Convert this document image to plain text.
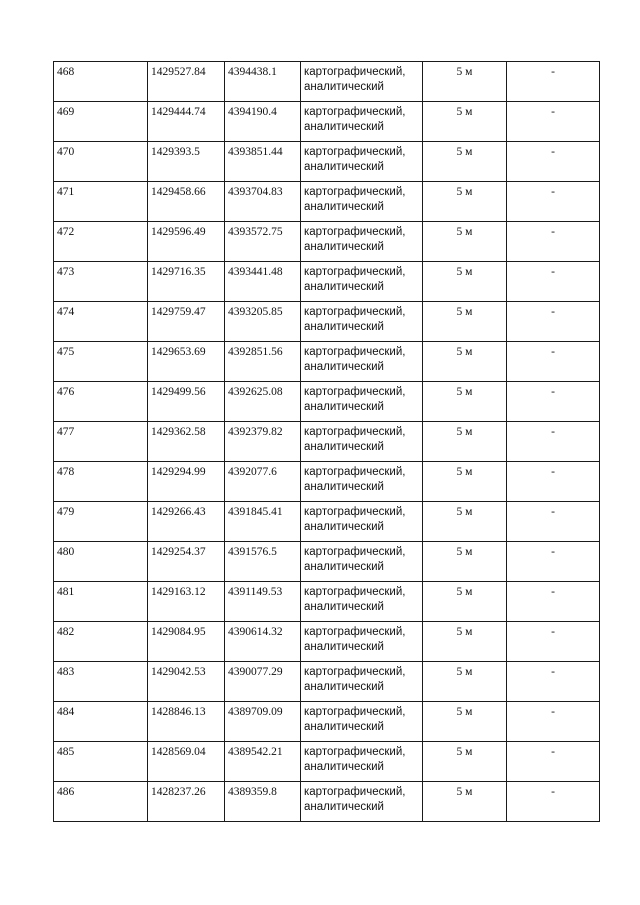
468	1429527.84	4394438.1	картографический, аналитический	5 м	-
469	1429444.74	4394190.4	картографический, аналитический	5 м	-
470	1429393.5	4393851.44	картографический, аналитический	5 м	-
471	1429458.66	4393704.83	картографический, аналитический	5 м	-
472	1429596.49	4393572.75	картографический, аналитический	5 м	-
473	1429716.35	4393441.48	картографический, аналитический	5 м	-
474	1429759.47	4393205.85	картографический, аналитический	5 м	-
475	1429653.69	4392851.56	картографический, аналитический	5 м	-
476	1429499.56	4392625.08	картографический, аналитический	5 м	-
477	1429362.58	4392379.82	картографический, аналитический	5 м	-
478	1429294.99	4392077.6	картографический, аналитический	5 м	-
479	1429266.43	4391845.41	картографический, аналитический	5 м	-
480	1429254.37	4391576.5	картографический, аналитический	5 м	-
481	1429163.12	4391149.53	картографический, аналитический	5 м	-
482	1429084.95	4390614.32	картографический, аналитический	5 м	-
483	1429042.53	4390077.29	картографический, аналитический	5 м	-
484	1428846.13	4389709.09	картографический, аналитический	5 м	-
485	1428569.04	4389542.21	картографический, аналитический	5 м	-
486	1428237.26	4389359.8	картографический, аналитический	5 м	-
